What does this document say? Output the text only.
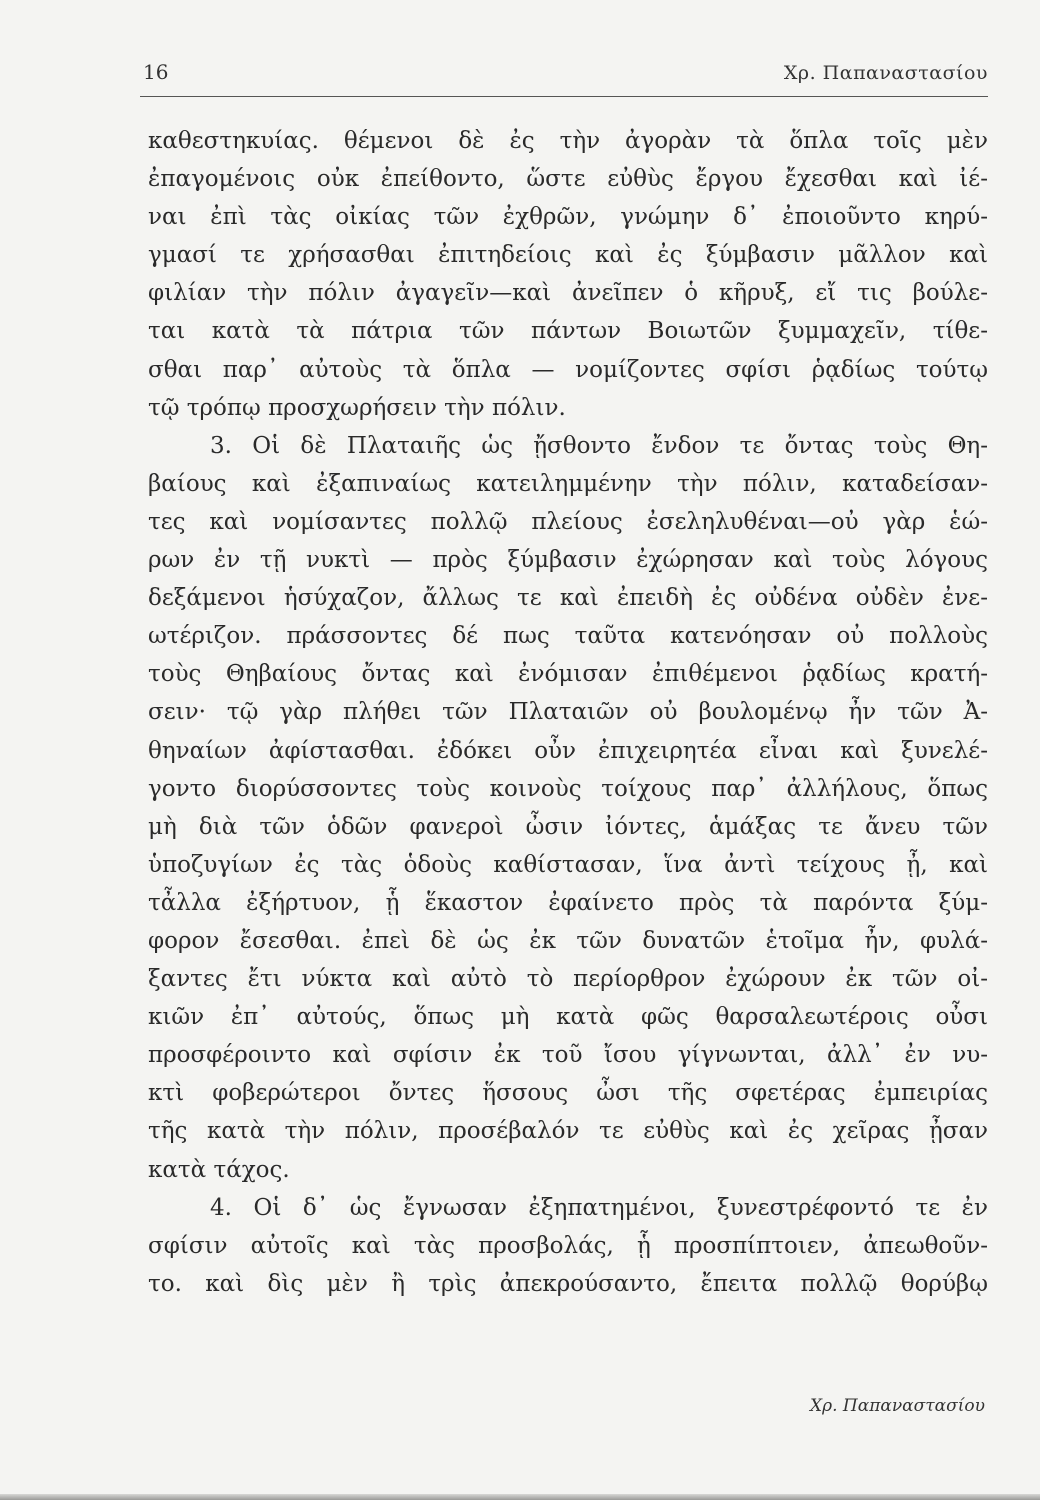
16	Χρ. Παπαναστασίου
καθεστηκυίας. θέμενοι δὲ ἐς τὴν ἀγορὰν τὰ ὅπλα τοῖς μὲν
ἐπαγομένοις οὐκ ἐπείθοντο, ὥστε εὐθὺς ἔργου ἔχεσθαι καὶ ἰέ-
ναι ἐπὶ τὰς οἰκίας τῶν ἐχθρῶν, γνώμην δ᾽ ἐποιοῦντο κηρύ-
γμασί τε χρήσασθαι ἐπιτηδείοις καὶ ἐς ξύμβασιν μᾶλλον καὶ
φιλίαν τὴν πόλιν ἀγαγεῖν—καὶ ἀνεῖπεν ὁ κῆρυξ, εἴ τις βούλε-
ται κατὰ τὰ πάτρια τῶν πάντων Βοιωτῶν ξυμμαχεῖν, τίθε-
σθαι παρ᾽ αὐτοὺς τὰ ὅπλα — νομίζοντες σφίσι ῥᾳδίως τούτῳ
τῷ τρόπῳ προσχωρήσειν τὴν πόλιν.
3. Οἱ δὲ Πλαταιῆς ὡς ᾔσθοντο ἔνδον τε ὄντας τοὺς Θη-
βαίους καὶ ἐξαπιναίως κατειλημμένην τὴν πόλιν, καταδείσαν-
τες καὶ νομίσαντες πολλῷ πλείους ἐσεληλυθέναι—οὐ γὰρ ἑώ-
ρων ἐν τῇ νυκτὶ — πρὸς ξύμβασιν ἐχώρησαν καὶ τοὺς λόγους
δεξάμενοι ἡσύχαζον, ἄλλως τε καὶ ἐπειδὴ ἐς οὐδένα οὐδὲν ἐνε-
ωτέριζον. πράσσοντες δέ πως ταῦτα κατενόησαν οὐ πολλοὺς
τοὺς Θηβαίους ὄντας καὶ ἐνόμισαν ἐπιθέμενοι ῥᾳδίως κρατή-
σειν· τῷ γὰρ πλήθει τῶν Πλαταιῶν οὐ βουλομένῳ ἦν τῶν Ἀ-
θηναίων ἀφίστασθαι. ἐδόκει οὖν ἐπιχειρητέα εἶναι καὶ ξυνελέ-
γοντο διορύσσοντες τοὺς κοινοὺς τοίχους παρ᾽ ἀλλήλους, ὅπως
μὴ διὰ τῶν ὁδῶν φανεροὶ ὦσιν ἰόντες, ἁμάξας τε ἄνευ τῶν
ὑποζυγίων ἐς τὰς ὁδοὺς καθίστασαν, ἵνα ἀντὶ τείχους ᾖ, καὶ
τἆλλα ἐξήρτυον, ᾗ ἕκαστον ἐφαίνετο πρὸς τὰ παρόντα ξύμ-
φορον ἔσεσθαι. ἐπεὶ δὲ ὡς ἐκ τῶν δυνατῶν ἑτοῖμα ἦν, φυλά-
ξαντες ἔτι νύκτα καὶ αὐτὸ τὸ περίορθρον ἐχώρουν ἐκ τῶν οἰ-
κιῶν ἐπ᾽ αὐτούς, ὅπως μὴ κατὰ φῶς θαρσαλεωτέροις οὖσι
προσφέροιντο καὶ σφίσιν ἐκ τοῦ ἴσου γίγνωνται, ἀλλ᾽ ἐν νυ-
κτὶ φοβερώτεροι ὄντες ἥσσους ὦσι τῆς σφετέρας ἐμπειρίας
τῆς κατὰ τὴν πόλιν, προσέβαλόν τε εὐθὺς καὶ ἐς χεῖρας ᾖσαν
κατὰ τάχος.
4. Οἱ δ᾽ ὡς ἔγνωσαν ἐξηπατημένοι, ξυνεστρέφοντό τε ἐν
σφίσιν αὐτοῖς καὶ τὰς προσβολάς, ᾗ προσπίπτοιεν, ἀπεωθοῦν-
το. καὶ δὶς μὲν ἢ τρὶς ἀπεκρούσαντο, ἔπειτα πολλῷ θορύβῳ
Χρ. Παπαναστασίου
